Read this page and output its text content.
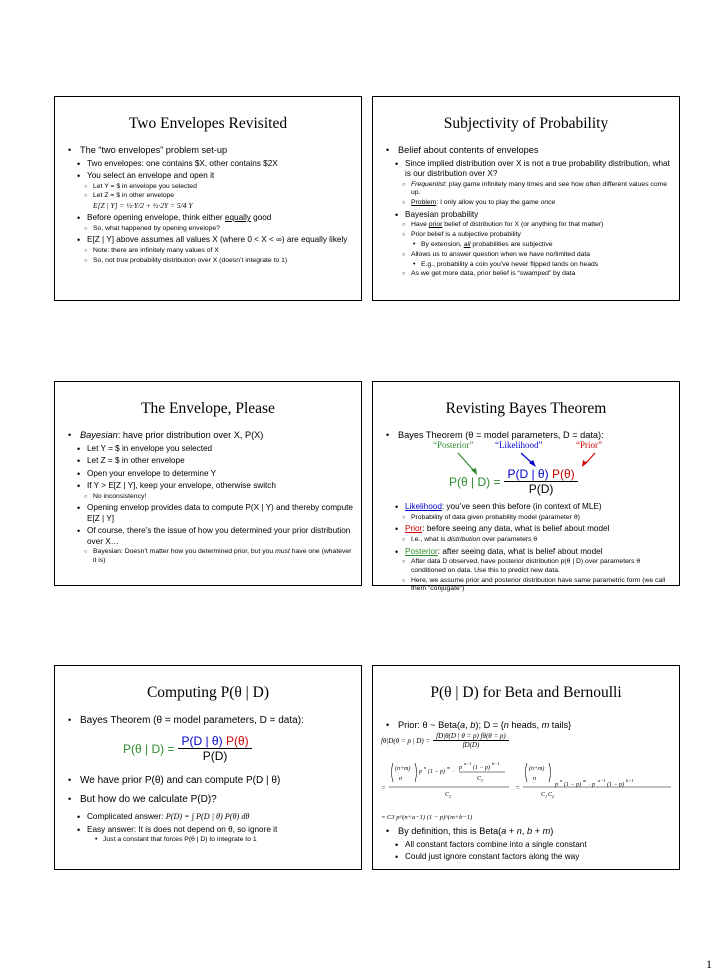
Two Envelopes Revisited
• The “two envelopes” problem set-up
• Two envelopes: one contains $X, other contains $2X
• You select an envelope and open it
○ Let Y = $ in envelope you selected
○ Let Z = $ in other envelope
E[Z | Y] = ½·Y/2 + ½·2Y = 5/4 Y
• Before opening envelope, think either equally good
○ So, what happened by opening envelope?
• E[Z | Y] above assumes all values X (where 0 < X < ∞) are equally likely
○ Note: there are infinitely many values of X
○ So, not true probability distribution over X (doesn’t integrate to 1)
Subjectivity of Probability
• Belief about contents of envelopes
• Since implied distribution over X is not a true probability distribution, what is our distribution over X?
○ Frequentist: play game infinitely many times and see how often different values come up.
○ Problem: I only allow you to play the game once
• Bayesian probability
○ Have prior belief of distribution for X (or anything for that matter)
○ Prior belief is a subjective probability
• By extension, all probabilities are subjective
○ Allows us to answer question when we have no/limited data
• E.g., probability a coin you’ve never flipped lands on heads
○ As we get more data, prior belief is “swamped” by data
The Envelope, Please
• Bayesian: have prior distribution over X, P(X)
• Let Y = $ in envelope you selected
• Let Z = $ in other envelope
• Open your envelope to determine Y
• If Y > E[Z | Y], keep your envelope, otherwise switch
○ No inconsistency!
• Opening envelop provides data to compute P(X | Y) and thereby compute E[Z | Y]
• Of course, there’s the issue of how you determined your prior distribution over X…
○ Bayesian: Doesn’t matter how you determined prior, but you must have one (whatever it is)
Revisting Bayes Theorem
• Bayes Theorem (θ = model parameters, D = data):
“Posterior” “Likelihood”	“Prior”
P(θ | $D) = \frac{P(D | \theta) P(\theta)}{P(D)}$
• Likelihood: you’ve seen this before (in context of MLE)
○ Probability of data given probability model (parameter θ)
• Prior: before seeing any data, what is belief about model
○ I.e., what is distribution over parameters θ
• Posterior: after seeing data, what is belief about model
○ After data D observed, have posterior distribution p(θ | D) over parameters θ conditioned on data. Use this to predict new data.
○ Here, we assume prior and posterior distribution have same parametric form (we call them “conjugate”)
Computing P(θ | D)
• Bayes Theorem (θ = model parameters, D = data):
P(θ | $D) = \frac{P(D | \theta) P(\theta)}{P(D)}$
• We have prior P(θ) and can compute P(D | θ)
• But how do we calculate P(D)?
• Complicated answer: P(D) = ∫ P(D | θ) P(θ) dθ
• Easy answer: It is does not depend on θ, so ignore it
• Just a constant that forces P(θ | D) to integrate to 1
P(θ | D) for Beta and Bernoulli
• Prior: θ ~ Beta(a, b); D = {n heads, m tails}
fθ|D(θ = p | $D) = \frac{fD|\theta(D | \theta = p) f\theta(\theta = p)}{fD(D)}$
(n+m)
n
p
n
(1 − p)
m
·
p
a−1
(1 − p)
b−1
C 1
C 2
=	=
(n+m)
n
p
n
(1 − p)
m
· p
a−1
(1 − p)
b−1
C 1 C 2
= C3 p^(n+a−1) (1 − p)^(m+b−1)
• By definition, this is Beta(a + n, b + m)
• All constant factors combine into a single constant
• Could just ignore constant factors along the way
1
